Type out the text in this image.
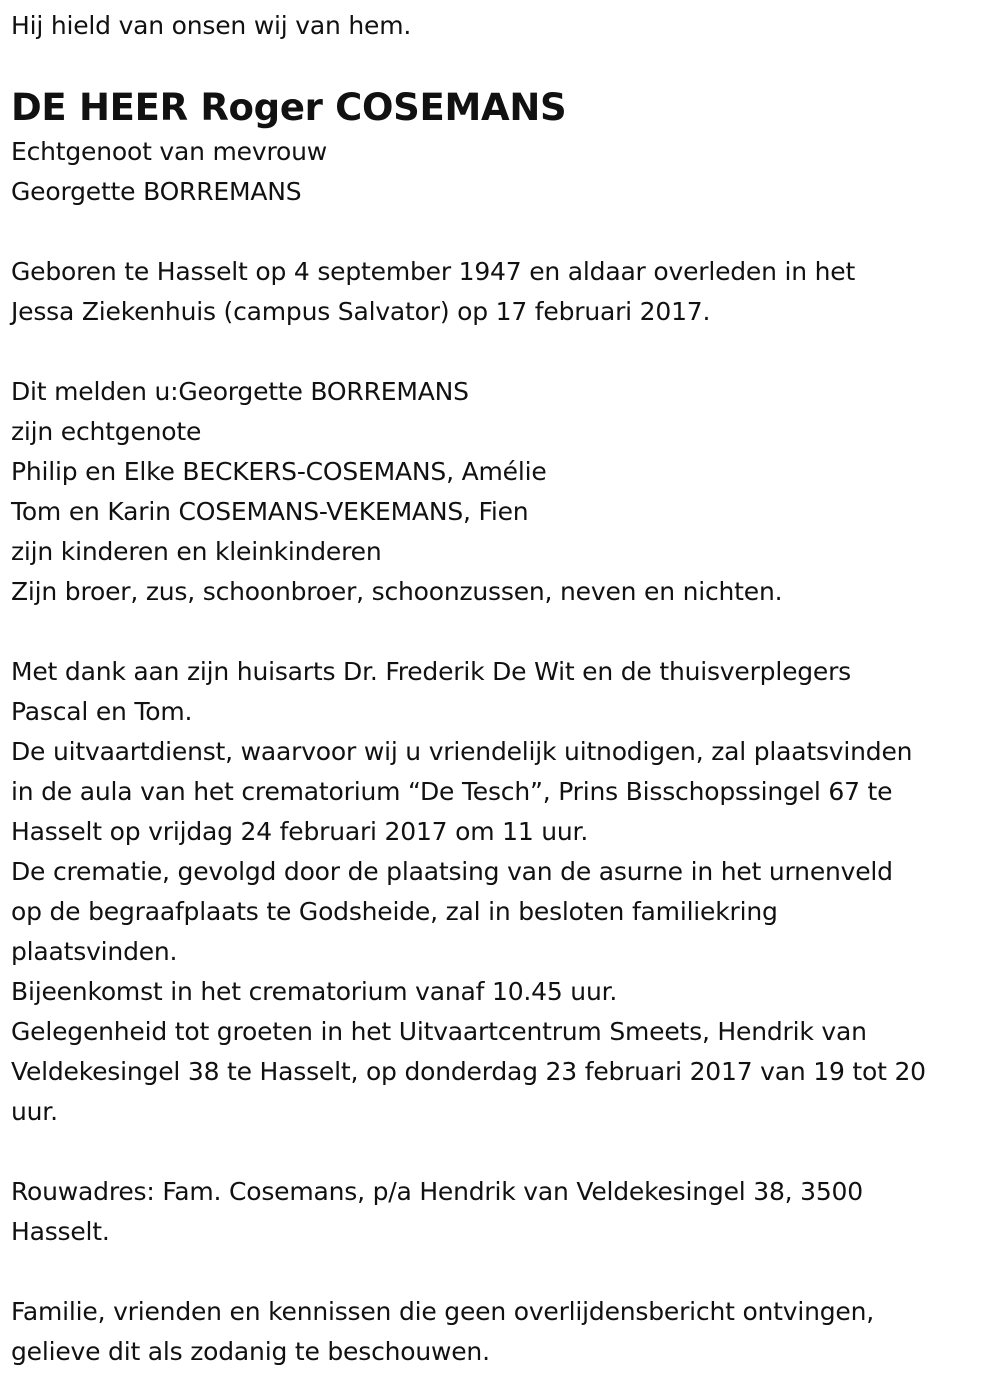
Hij hield van onsen wij van hem.
DE HEER Roger COSEMANS
Echtgenoot van mevrouw
Georgette BORREMANS
Geboren te Hasselt op 4 september 1947 en aldaar overleden in het
Jessa Ziekenhuis (campus Salvator) op 17 februari 2017.
Dit melden u:Georgette BORREMANS
zijn echtgenote
Philip en Elke BECKERS-COSEMANS, Amélie
Tom en Karin COSEMANS-VEKEMANS, Fien
zijn kinderen en kleinkinderen
Zijn broer, zus, schoonbroer, schoonzussen, neven en nichten.
Met dank aan zijn huisarts Dr. Frederik De Wit en de thuisverplegers
Pascal en Tom.
De uitvaartdienst, waarvoor wij u vriendelijk uitnodigen, zal plaatsvinden
in de aula van het crematorium “De Tesch”, Prins Bisschopssingel 67 te
Hasselt op vrijdag 24 februari 2017 om 11 uur.
De crematie, gevolgd door de plaatsing van de asurne in het urnenveld
op de begraafplaats te Godsheide, zal in besloten familiekring
plaatsvinden.
Bijeenkomst in het crematorium vanaf 10.45 uur.
Gelegenheid tot groeten in het Uitvaartcentrum Smeets, Hendrik van
Veldekesingel 38 te Hasselt, op donderdag 23 februari 2017 van 19 tot 20
uur.
Rouwadres: Fam. Cosemans, p/a Hendrik van Veldekesingel 38, 3500
Hasselt.
Familie, vrienden en kennissen die geen overlijdensbericht ontvingen,
gelieve dit als zodanig te beschouwen.
